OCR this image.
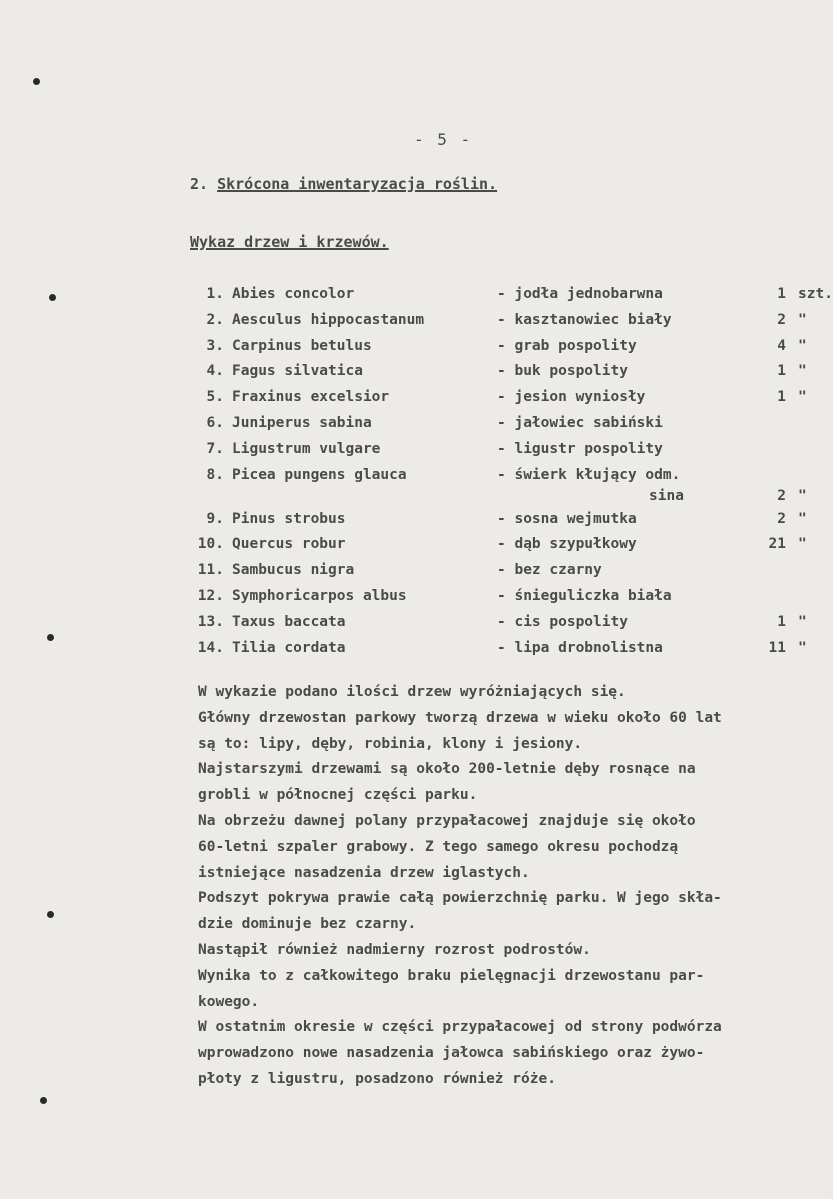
- 5 -
2. Skrócona inwentaryzacja roślin.
Wykaz drzew i krzewów.
1. Abies concolor	- jodła jednobarwna	1 szt.
2. Aesculus hippocastanum	- kasztanowiec biały	2 "
3. Carpinus betulus	- grab pospolity	4 "
4. Fagus silvatica	- buk pospolity	1 "
5. Fraxinus excelsior	- jesion wyniosły	1 "
6. Juniperus sabina	- jałowiec sabiński
7. Ligustrum vulgare	- ligustr pospolity
8. Picea pungens glauca	- świerk kłujący odm.
sina	2 "
9. Pinus strobus	- sosna wejmutka	2 "
10. Quercus robur	- dąb szypułkowy	21 "
11. Sambucus nigra	- bez czarny
12. Symphoricarpos albus	- śnieguliczka biała
13. Taxus baccata	- cis pospolity	1 "
14. Tilia cordata	- lipa drobnolistna	11 "
W wykazie podano ilości drzew wyróżniających się.
Główny drzewostan parkowy tworzą drzewa w wieku około 60 lat
są to: lipy, dęby, robinia, klony i jesiony.
Najstarszymi drzewami są około 200-letnie dęby rosnące na
grobli w północnej części parku.
Na obrzeżu dawnej polany przypałacowej znajduje się około
60-letni szpaler grabowy. Z tego samego okresu pochodzą
istniejące nasadzenia drzew iglastych.
Podszyt pokrywa prawie całą powierzchnię parku. W jego skła-
dzie dominuje bez czarny.
Nastąpił również nadmierny rozrost podrostów.
Wynika to z całkowitego braku pielęgnacji drzewostanu par-
kowego.
W ostatnim okresie w części przypałacowej od strony podwórza
wprowadzono nowe nasadzenia jałowca sabińskiego oraz żywo-
płoty z ligustru, posadzono również róże.
